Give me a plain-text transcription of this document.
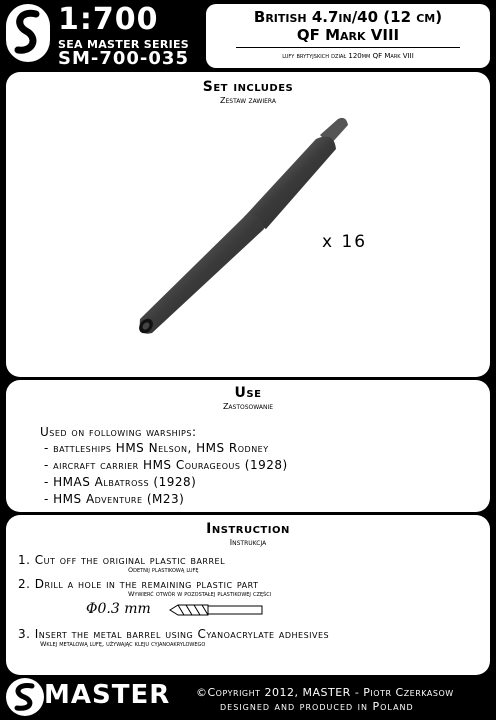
1:700
SEA MASTER SERIES
SM-700-035
British 4.7in/40 (12 cm)
QF Mark VIII
lufy brytyjskich dział 120mm QF Mark VIII
Set includes
Zestaw zawiera
x 16
Use
Zastosowanie
Used on following warships:
- battleships HMS Nelson, HMS Rodney
- aircraft carrier HMS Courageous (1928)
- HMAS Albatross (1928)
- HMS Adventure (M23)
Instruction
Instrukcja
1. Cut off the original plastic barrel
Odetnij plastikową lufę
2. Drill a hole in the remaining plastic part
Wywierć otwór w pozostałej plastikowej części
Φ0.3 mm
3. Insert the metal barrel using Cyanoacrylate adhesives
Wklej metalową lufę, używając kleju cyjanoakrylowego
MASTER ©Copyright 2012, MASTER - Piotr Czerkasow
designed and produced in Poland
